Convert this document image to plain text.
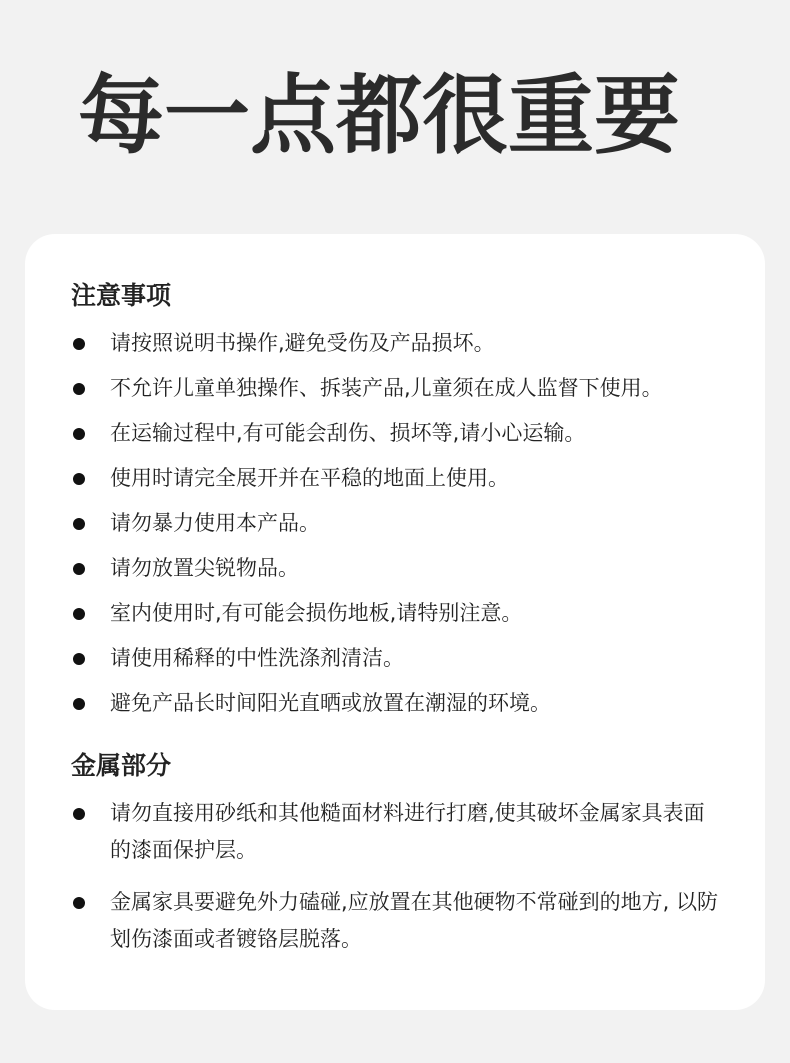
每一点都很重要
注意事项
请按照说明书操作,避免受伤及产品损坏。
不允许儿童单独操作、拆装产品,儿童须在成人监督下使用。
在运输过程中,有可能会刮伤、损坏等,请小心运输。
使用时请完全展开并在平稳的地面上使用。
请勿暴力使用本产品。
请勿放置尖锐物品。
室内使用时,有可能会损伤地板,请特别注意。
请使用稀释的中性洗涤剂清洁。
避免产品长时间阳光直晒或放置在潮湿的环境。
金属部分
请勿直接用砂纸和其他糙面材料进行打磨,使其破坏金属家具表面的漆面保护层。
金属家具要避免外力磕碰,应放置在其他硬物不常碰到的地方, 以防划伤漆面或者镀铬层脱落。
